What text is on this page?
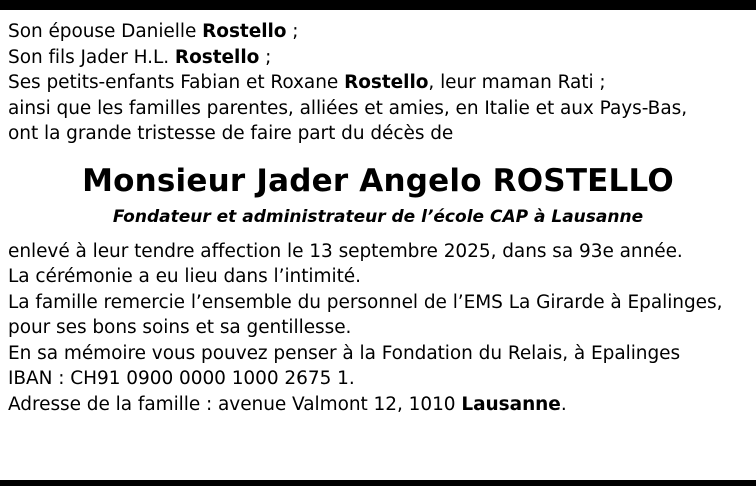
Son épouse Danielle Rostello ;
Son fils Jader H.L. Rostello ;
Ses petits-enfants Fabian et Roxane Rostello, leur maman Rati ;
ainsi que les familles parentes, alliées et amies, en Italie et aux Pays-Bas,
ont la grande tristesse de faire part du décès de
Monsieur Jader Angelo ROSTELLO
Fondateur et administrateur de l’école CAP à Lausanne
enlevé à leur tendre affection le 13 septembre 2025, dans sa 93e année.
La cérémonie a eu lieu dans l’intimité.
La famille remercie l’ensemble du personnel de l’EMS La Girarde à Epalinges,
pour ses bons soins et sa gentillesse.
En sa mémoire vous pouvez penser à la Fondation du Relais, à Epalinges
IBAN : CH91 0900 0000 1000 2675 1.
Adresse de la famille : avenue Valmont 12, 1010 Lausanne.
